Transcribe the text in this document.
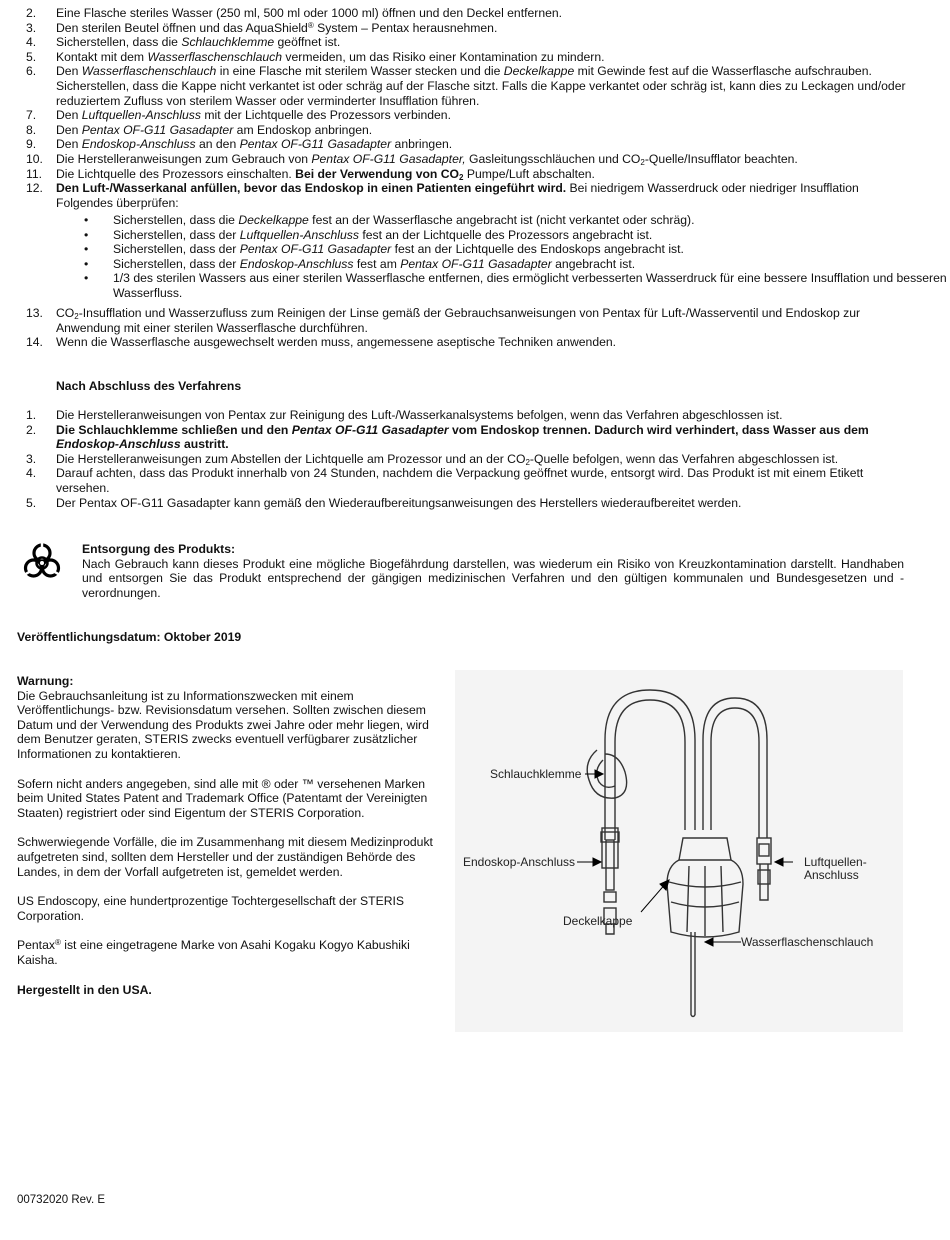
2. Eine Flasche steriles Wasser (250 ml, 500 ml oder 1000 ml) öffnen und den Deckel entfernen.
3. Den sterilen Beutel öffnen und das AquaShield® System – Pentax herausnehmen.
4. Sicherstellen, dass die Schlauchklemme geöffnet ist.
5. Kontakt mit dem Wasserflaschenschlauch vermeiden, um das Risiko einer Kontamination zu mindern.
6. Den Wasserflaschenschlauch in eine Flasche mit sterilem Wasser stecken und die Deckelkappe mit Gewinde fest auf die Wasserflasche aufschrauben. Sicherstellen, dass die Kappe nicht verkantet ist oder schräg auf der Flasche sitzt. Falls die Kappe verkantet oder schräg ist, kann dies zu Leckagen und/oder reduziertem Zufluss von sterilem Wasser oder verminderter Insufflation führen.
7. Den Luftquellen-Anschluss mit der Lichtquelle des Prozessors verbinden.
8. Den Pentax OF-G11 Gasadapter am Endoskop anbringen.
9. Den Endoskop-Anschluss an den Pentax OF-G11 Gasadapter anbringen.
10. Die Herstelleranweisungen zum Gebrauch von Pentax OF-G11 Gasadapter, Gasleitungsschläuchen und $CO_2-Quelle$/Insufflator beachten.
11. Die Lichtquelle des Prozessors einschalten. Bei der Verwendung von $CO_2$ Pumpe/Luft abschalten.
12. Den Luft-/Wasserkanal anfüllen, bevor das Endoskop in einen Patienten eingeführt wird. Bei niedrigem Wasserdruck oder niedriger Insufflation Folgendes überprüfen:
• Sicherstellen, dass die Deckelkappe fest an der Wasserflasche angebracht ist (nicht verkantet oder schräg).
• Sicherstellen, dass der Luftquellen-Anschluss fest an der Lichtquelle des Prozessors angebracht ist.
• Sicherstellen, dass der Pentax OF-G11 Gasadapter fest an der Lichtquelle des Endoskops angebracht ist.
• Sicherstellen, dass der Endoskop-Anschluss fest am Pentax OF-G11 Gasadapter angebracht ist.
• 1/3 des sterilen Wassers aus einer sterilen Wasserflasche entfernen, dies ermöglicht verbesserten Wasserdruck für eine bessere Insufflation und besseren Wasserfluss.
13. $CO_2$-Insufflation und Wasserzufluss zum Reinigen der Linse gemäß der Gebrauchsanweisungen von Pentax für Luft-/Wasserventil und Endoskop zur Anwendung mit einer sterilen Wasserflasche durchführen.
14. Wenn die Wasserflasche ausgewechselt werden muss, angemessene aseptische Techniken anwenden.
Nach Abschluss des Verfahrens
1. Die Herstelleranweisungen von Pentax zur Reinigung des Luft-/Wasserkanalsystems befolgen, wenn das Verfahren abgeschlossen ist.
2. Die Schlauchklemme schließen und den Pentax OF-G11 Gasadapter vom Endoskop trennen. Dadurch wird verhindert, dass Wasser aus dem Endoskop-Anschluss austritt.
3. Die Herstelleranweisungen zum Abstellen der Lichtquelle am Prozessor und an der $CO_2$-Quelle befolgen, wenn das Verfahren abgeschlossen ist.
4. Darauf achten, dass das Produkt innerhalb von 24 Stunden, nachdem die Verpackung geöffnet wurde, entsorgt wird. Das Produkt ist mit einem Etikett versehen.
5. Der Pentax OF-G11 Gasadapter kann gemäß den Wiederaufbereitungsanweisungen des Herstellers wiederaufbereitet werden.
Entsorgung des Produkts:
Nach Gebrauch kann dieses Produkt eine mögliche Biogefährdung darstellen, was wiederum ein Risiko von Kreuzkontamination darstellt. Handhaben und entsorgen Sie das Produkt entsprechend der gängigen medizinischen Verfahren und den gültigen kommunalen und Bundesgesetzen und -verordnungen.
Veröffentlichungsdatum: Oktober 2019
Warnung:
Die Gebrauchsanleitung ist zu Informationszwecken mit einem Veröffentlichungs- bzw. Revisionsdatum versehen. Sollten zwischen diesem Datum und der Verwendung des Produkts zwei Jahre oder mehr liegen, wird dem Benutzer geraten, STERIS zwecks eventuell verfügbarer zusätzlicher Informationen zu kontaktieren.
Sofern nicht anders angegeben, sind alle mit ® oder ™ versehenen Marken beim United States Patent and Trademark Office (Patentamt der Vereinigten Staaten) registriert oder sind Eigentum der STERIS Corporation.
Schwerwiegende Vorfälle, die im Zusammenhang mit diesem Medizinprodukt aufgetreten sind, sollten dem Hersteller und der zuständigen Behörde des Landes, in dem der Vorfall aufgetreten ist, gemeldet werden.
US Endoscopy, eine hundertprozentige Tochtergesellschaft der STERIS Corporation.
Pentax® ist eine eingetragene Marke von Asahi Kogaku Kogyo Kabushiki Kaisha.
Hergestellt in den USA.
Schlauchklemme
Endoskop-Anschluss	Luftquellen-
Anschluss
Deckelkappe
Wasserflaschenschlauch
00732020 Rev. E
